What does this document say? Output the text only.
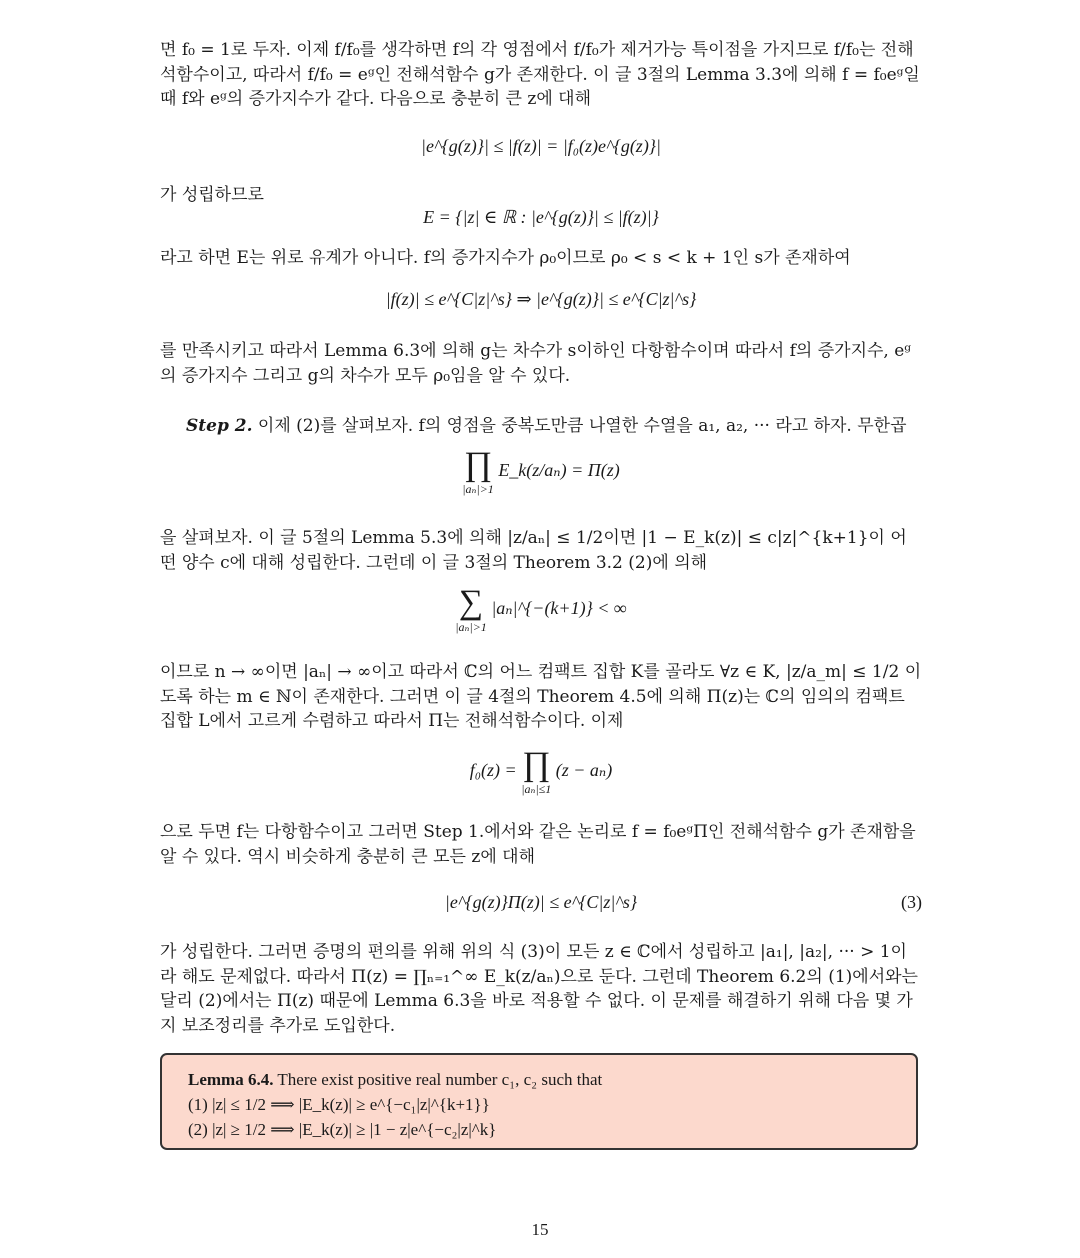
면 f₀ = 1로 두자. 이제 f/f₀를 생각하면 f의 각 영점에서 f/f₀가 제거가능 특이점을 가지므로 f/f₀는 전해석함수이고, 따라서 f/f₀ = eᵍ인 전해석함수 g가 존재한다. 이 글 3절의 Lemma 3.3에 의해 f = f₀eᵍ일 때 f와 eᵍ의 증가지수가 같다. 다음으로 충분히 큰 z에 대해

|e^{g(z)}| ≤ |f(z)| = |f₀(z)e^{g(z)}|

가 성립하므로

E = {|z| ∈ ℝ : |e^{g(z)}| ≤ |f(z)|}

라고 하면 E는 위로 유계가 아니다. f의 증가지수가 ρ₀이므로 ρ₀ < s < k + 1인 s가 존재하여

|f(z)| ≤ e^{C|z|^s} ⇒ |e^{g(z)}| ≤ e^{C|z|^s}

를 만족시키고 따라서 Lemma 6.3에 의해 g는 차수가 s이하인 다항함수이며 따라서 f의 증가지수, eᵍ의 증가지수 그리고 g의 차수가 모두 ρ₀임을 알 수 있다.

Step 2. 이제 (2)를 살펴보자. f의 영점을 중복도만큼 나열한 수열을 a₁, a₂, ··· 라고 하자. 무한곱

∏
|aₙ|>1
E_k(z/aₙ) = Π(z)

을 살펴보자. 이 글 5절의 Lemma 5.3에 의해 |z/aₙ| ≤ 1/2이면 |1 − E_k(z)| ≤ c|z|^{k+1}이 어떤 양수 c에 대해 성립한다. 그런데 이 글 3절의 Theorem 3.2 (2)에 의해

∑
|aₙ|>1
|aₙ|^{−(k+1)} < ∞

이므로 n → ∞이면 |aₙ| → ∞이고 따라서 ℂ의 어느 컴팩트 집합 K를 골라도 ∀z ∈ K, |z/a_m| ≤ 1/2 이도록 하는 m ∈ ℕ이 존재한다. 그러면 이 글 4절의 Theorem 4.5에 의해 Π(z)는 ℂ의 임의의 컴팩트 집합 L에서 고르게 수렴하고 따라서 Π는 전해석함수이다. 이제

f₀(z) = ∏
|aₙ|≤1
(z − aₙ)

으로 두면 f는 다항함수이고 그러면 Step 1.에서와 같은 논리로 f = f₀eᵍΠ인 전해석함수 g가 존재함을 알 수 있다. 역시 비슷하게 충분히 큰 모든 z에 대해

|e^{g(z)}Π(z)| ≤ e^{C|z|^s}	(3)

가 성립한다. 그러면 증명의 편의를 위해 위의 식 (3)이 모든 z ∈ ℂ에서 성립하고 |a₁|, |a₂|, ··· > 1이라 해도 문제없다. 따라서 Π(z) = ∏ₙ₌₁^∞ E_k(z/aₙ)으로 둔다. 그런데 Theorem 6.2의 (1)에서와는 달리 (2)에서는 Π(z) 때문에 Lemma 6.3을 바로 적용할 수 없다. 이 문제를 해결하기 위해 다음 몇 가지 보조정리를 추가로 도입한다.

Lemma 6.4. There exist positive real number c₁, c₂ such that
(1) |z| ≤ 1/2 ⟹ |E_k(z)| ≥ e^{−c₁|z|^{k+1}}
(2) |z| ≥ 1/2 ⟹ |E_k(z)| ≥ |1 − z|e^{−c₂|z|^k}
15
